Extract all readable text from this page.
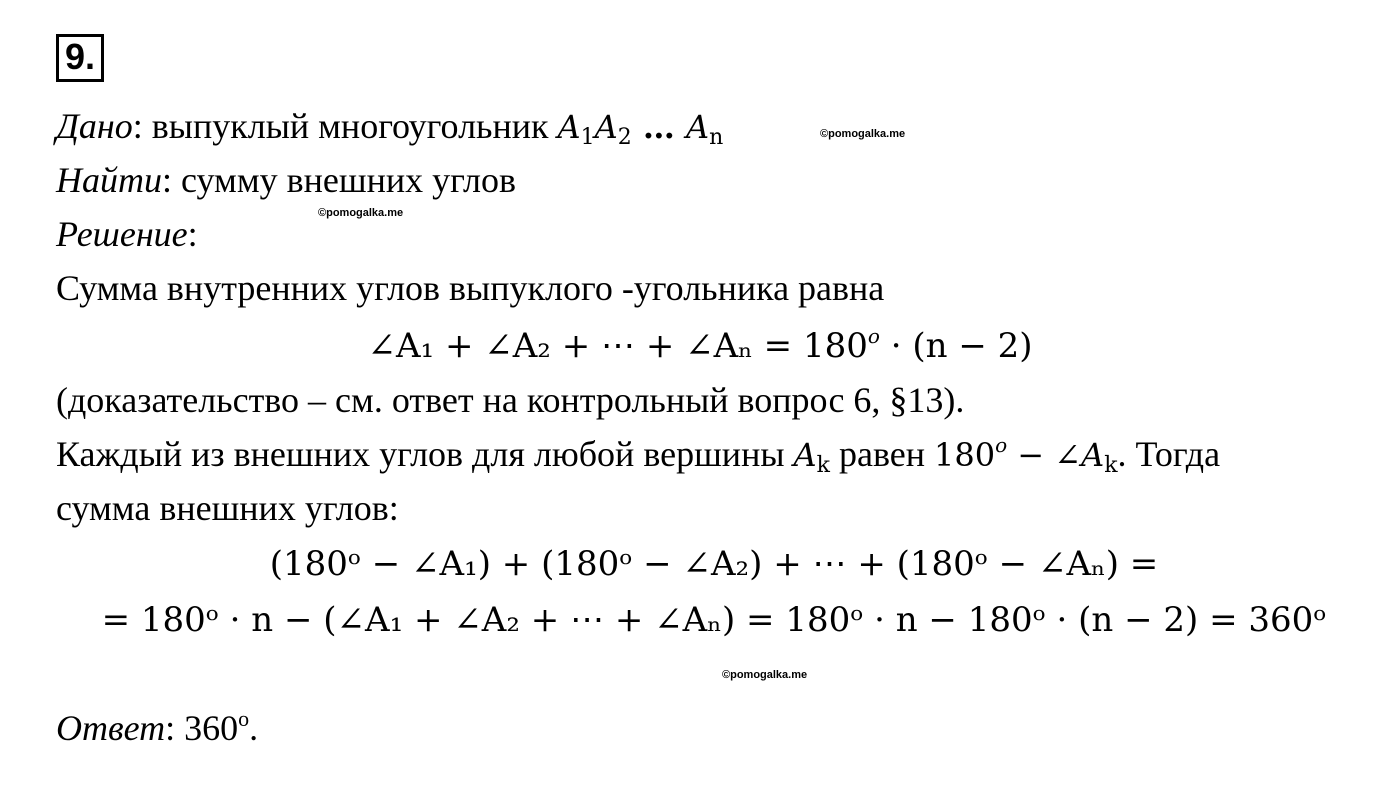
9.
Дано: выпуклый многоугольник $A_1A_2$ … $A_n$	©pomogalka.me
Найти: сумму внешних углов
©pomogalka.me
Решение:
Сумма внутренних углов выпуклого -угольника равна
∠A₁ + ∠A₂ + ⋯ + ∠Aₙ = $180^o \cdot (n - 2)$
(доказательство – см. ответ на контрольный вопрос 6, §13).
Каждый из внешних углов для любой вершины $A_k$ равен $180^o$ − $\angle A_k$. Тогда
сумма внешних углов:
(180ᵒ − ∠A₁) + (180ᵒ − ∠A₂) + ⋯ + (180ᵒ − ∠Aₙ) =
= 180ᵒ · n − (∠A₁ + ∠A₂ + ⋯ + ∠Aₙ) = 180ᵒ · n − 180ᵒ · (n − 2) = 360ᵒ
©pomogalka.me
Ответ: 360$^o$.
